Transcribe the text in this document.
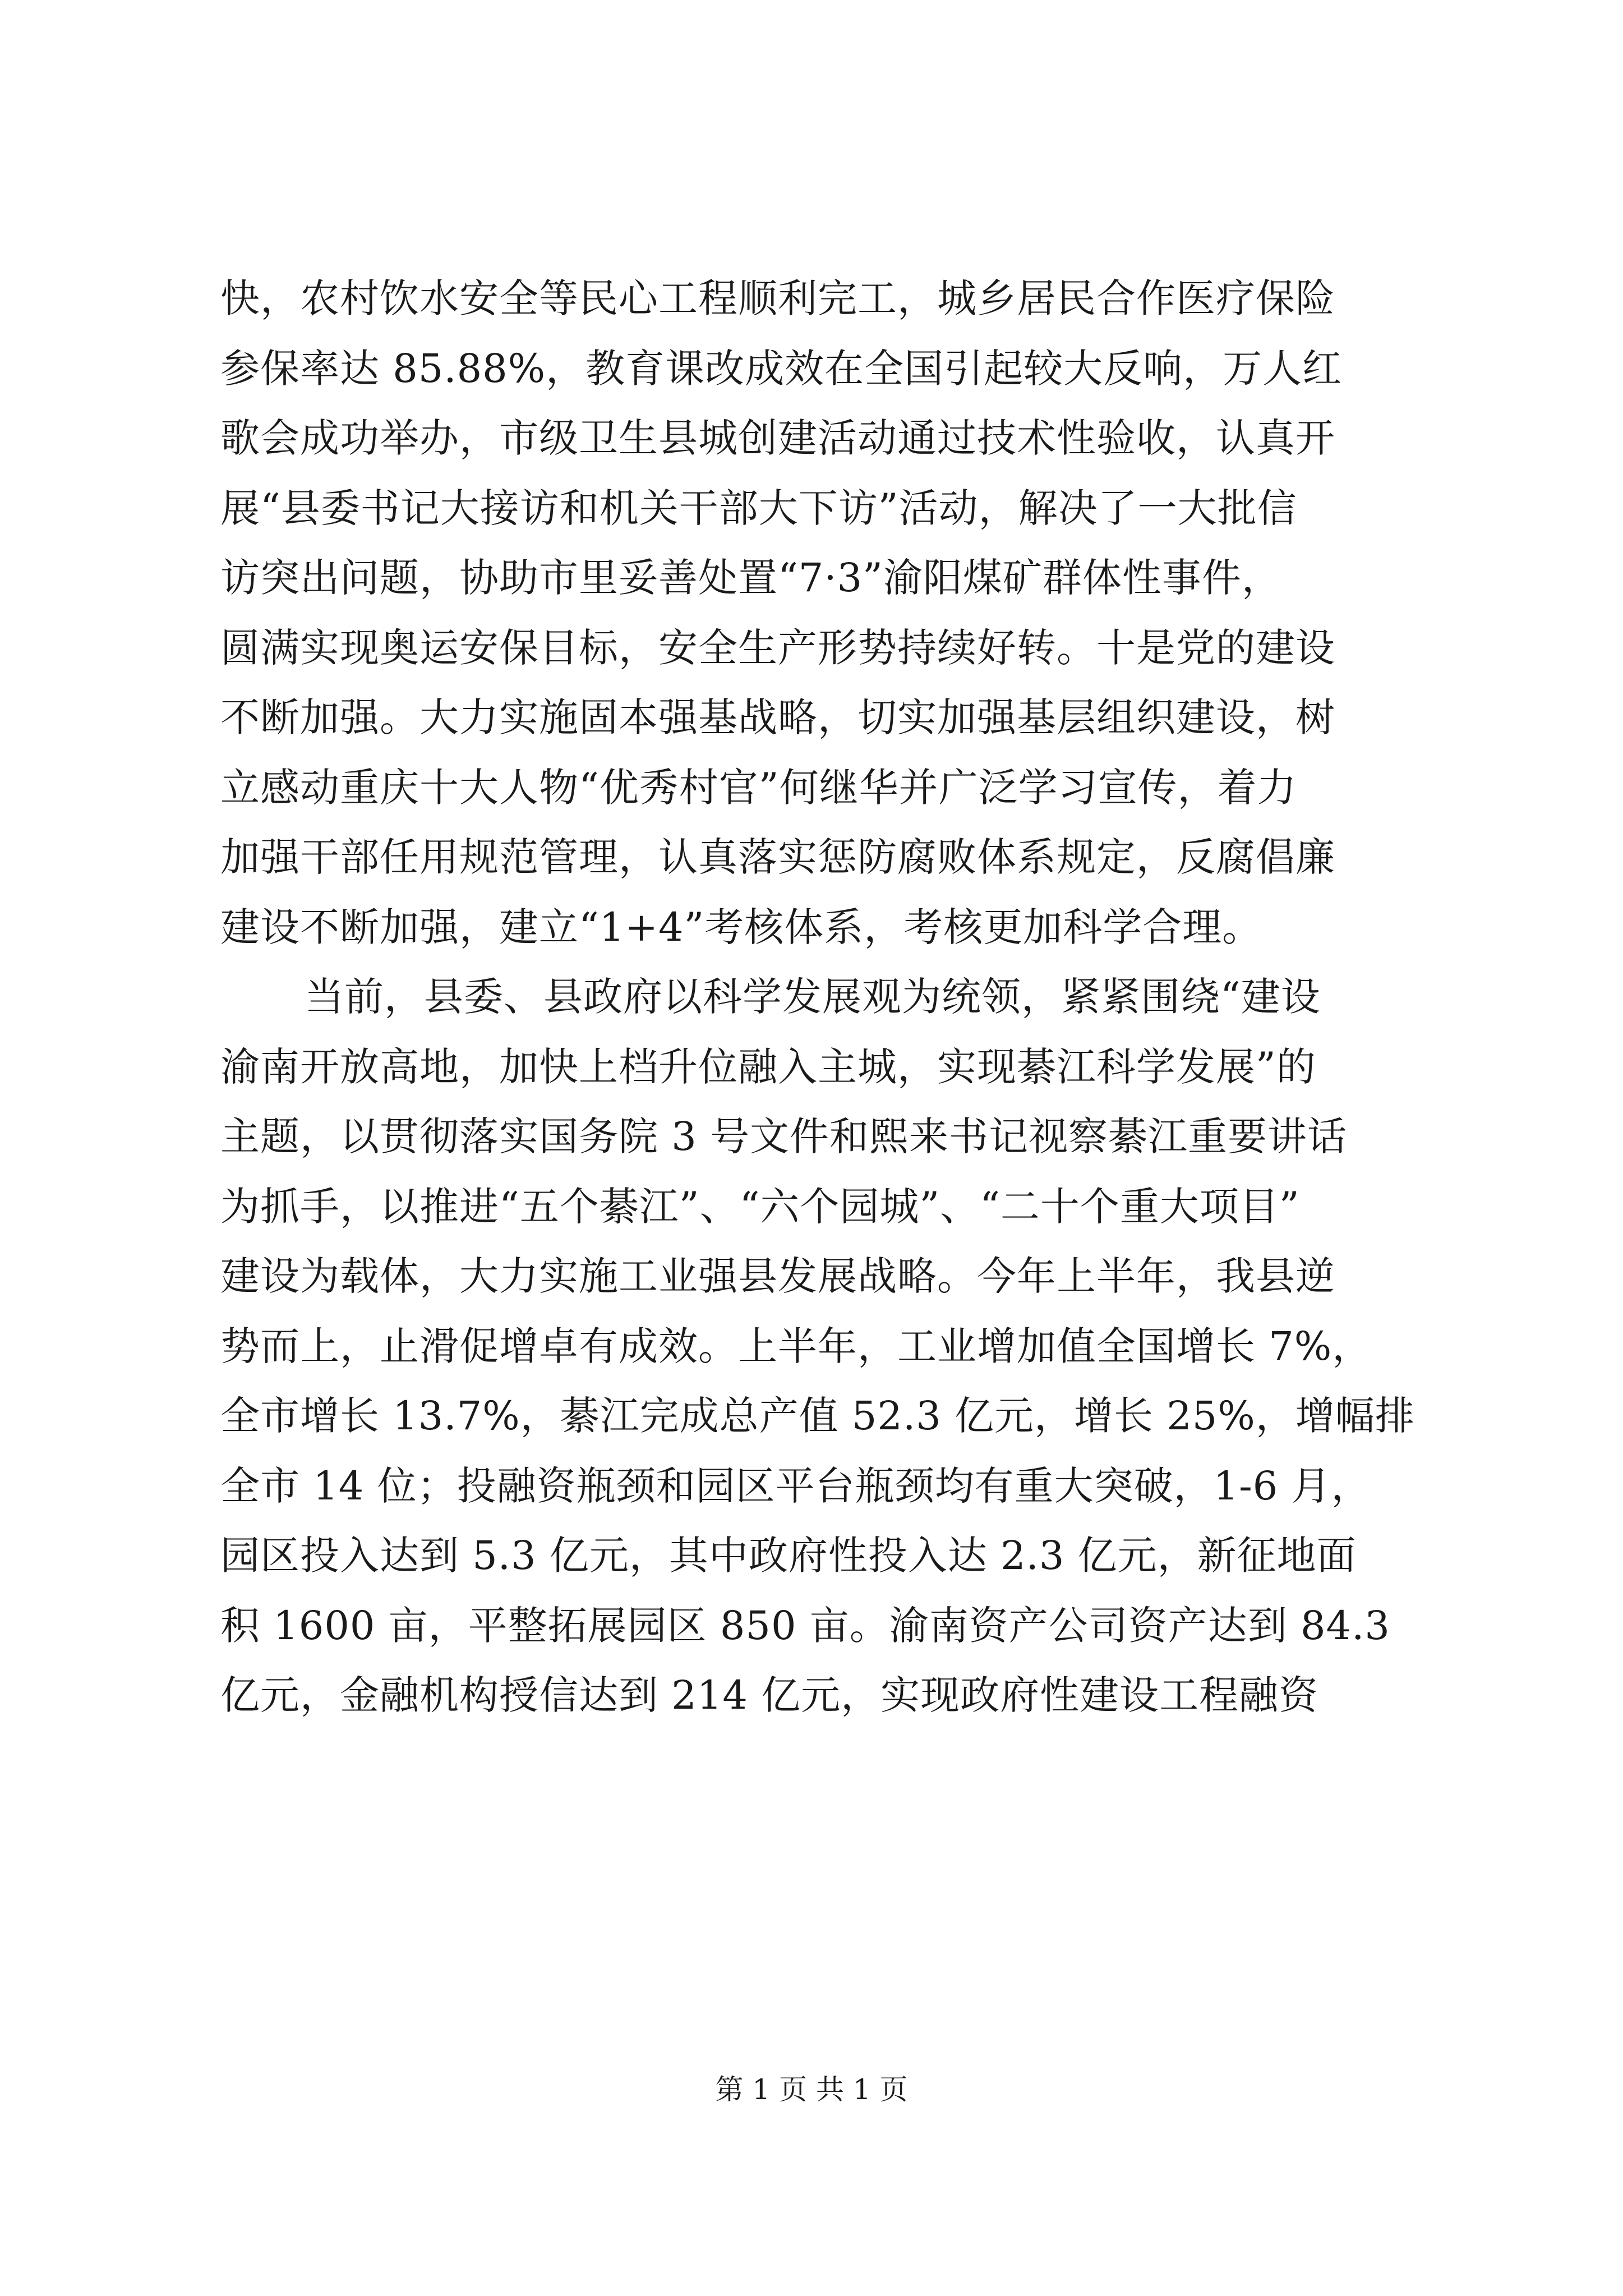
快，农村饮水安全等民心工程顺利完工，城乡居民合作医疗保险
参保率达 85.88%，教育课改成效在全国引起较大反响，万人红
歌会成功举办，市级卫生县城创建活动通过技术性验收，认真开
展“县委书记大接访和机关干部大下访”活动，解决了一大批信
访突出问题，协助市里妥善处置“7·3”渝阳煤矿群体性事件，
圆满实现奥运安保目标，安全生产形势持续好转。十是党的建设
不断加强。大力实施固本强基战略，切实加强基层组织建设，树
立感动重庆十大人物“优秀村官”何继华并广泛学习宣传，着力
加强干部任用规范管理，认真落实惩防腐败体系规定，反腐倡廉
建设不断加强，建立“1+4”考核体系，考核更加科学合理。
当前，县委、县政府以科学发展观为统领，紧紧围绕“建设
渝南开放高地，加快上档升位融入主城，实现綦江科学发展”的
主题，以贯彻落实国务院 3 号文件和熙来书记视察綦江重要讲话
为抓手，以推进“五个綦江”、“六个园城”、“二十个重大项目”
建设为载体，大力实施工业强县发展战略。今年上半年，我县逆
势而上，止滑促增卓有成效。上半年，工业增加值全国增长 7%，
全市增长 13.7%，綦江完成总产值 52.3 亿元，增长 25%，增幅排
全市 14 位；投融资瓶颈和园区平台瓶颈均有重大突破，1-6 月，
园区投入达到 5.3 亿元，其中政府性投入达 2.3 亿元，新征地面
积 1600 亩，平整拓展园区 850 亩。渝南资产公司资产达到 84.3
亿元，金融机构授信达到 214 亿元，实现政府性建设工程融资
第 1 页 共 1 页
